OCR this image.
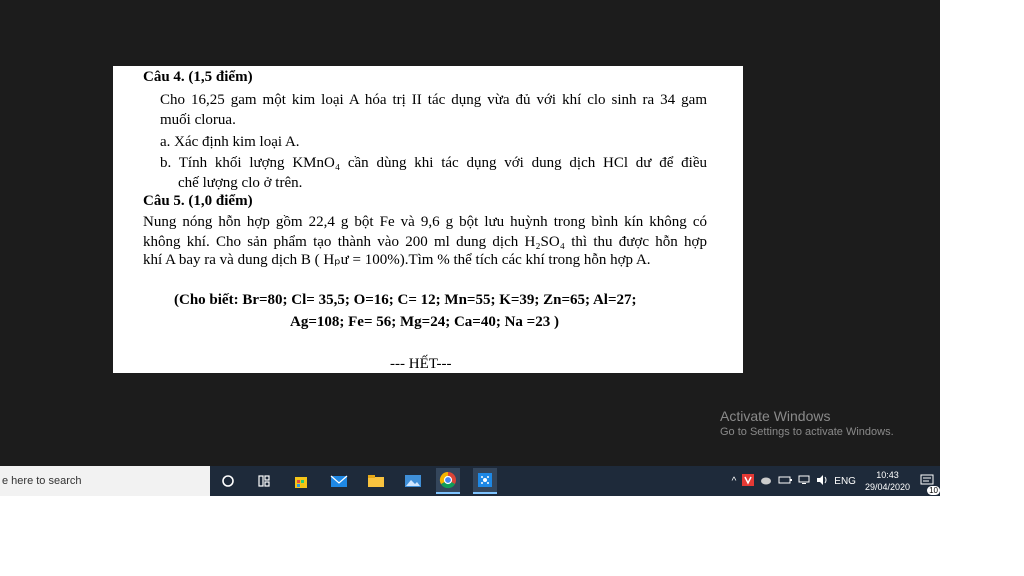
Câu 4. (1,5 điểm)
Cho 16,25 gam một kim loại A hóa trị II tác dụng vừa đủ với khí clo sinh ra 34 gam
muối clorua.
a. Xác định kim loại A.
b. Tính khối lượng KMnO₄ cần dùng khi tác dụng với dung dịch HCl dư để điều
chế lượng clo ở trên.
Câu 5. (1,0 điểm)
Nung nóng hỗn hợp gồm 22,4 g bột Fe và 9,6 g bột lưu huỳnh trong bình kín không có
không khí. Cho sản phẩm tạo thành vào 200 ml dung dịch H₂SO₄ thì thu được hỗn hợp
khí A bay ra và dung dịch B ( Hₚư = 100%).Tìm % thể tích các khí trong hỗn hợp A.
(Cho biết: Br=80; Cl= 35,5; O=16; C= 12; Mn=55; K=39; Zn=65; Al=27;
Ag=108; Fe= 56; Mg=24; Ca=40; Na =23 )
--- HẾT---
Activate Windows
Go to Settings to activate Windows.
e here to search	^	ENG
10:43
29/04/2020 10
